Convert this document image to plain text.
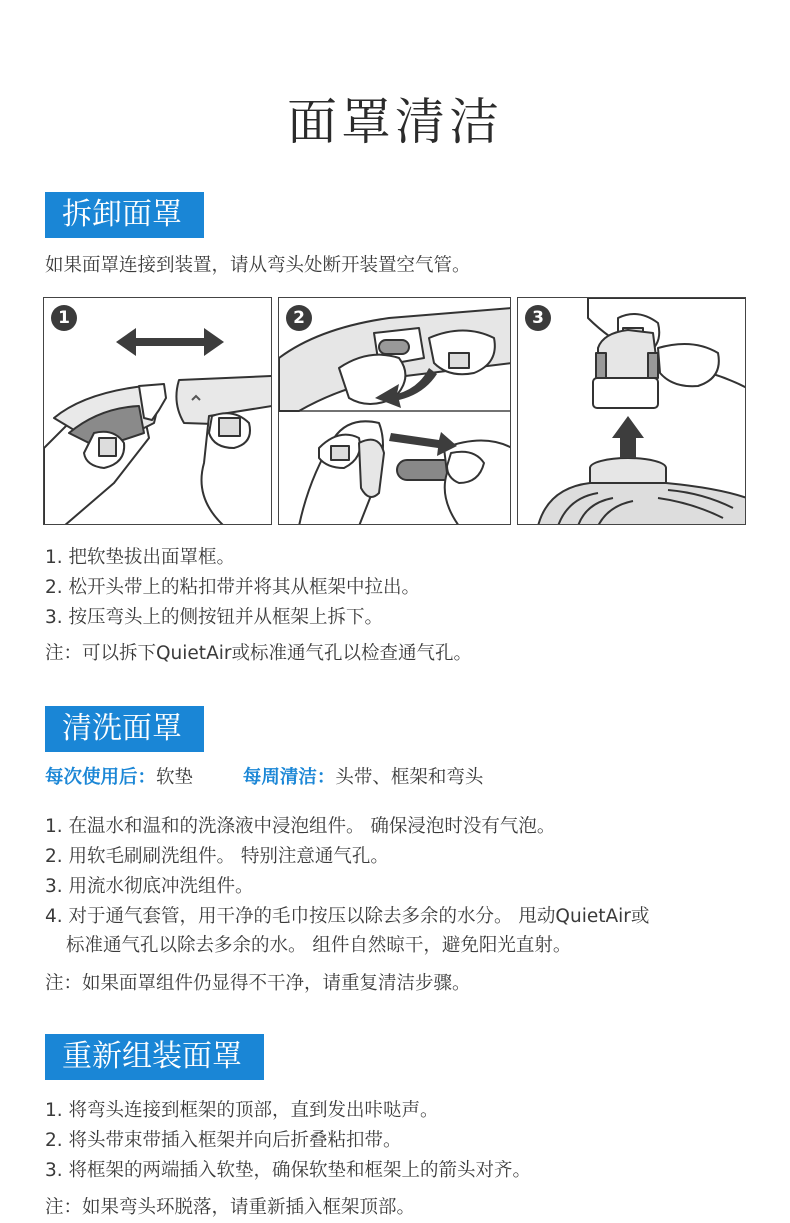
面罩清洁
拆卸面罩
如果面罩连接到装置，请从弯头处断开装置空气管。
1	2	3
1. 把软垫拔出面罩框。
2. 松开头带上的粘扣带并将其从框架中拉出。
3. 按压弯头上的侧按钮并从框架上拆下。
注：可以拆下QuietAir或标准通气孔以检查通气孔。
清洗面罩
每次使用后：软垫	每周清洁：头带、框架和弯头
1. 在温水和温和的洗涤液中浸泡组件。 确保浸泡时没有气泡。
2. 用软毛刷刷洗组件。 特别注意通气孔。
3. 用流水彻底冲洗组件。
4. 对于通气套管，用干净的毛巾按压以除去多余的水分。 甩动QuietAir或
标准通气孔以除去多余的水。 组件自然晾干，避免阳光直射。
注：如果面罩组件仍显得不干净，请重复清洁步骤。
重新组装面罩
1. 将弯头连接到框架的顶部，直到发出咔哒声。
2. 将头带束带插入框架并向后折叠粘扣带。
3. 将框架的两端插入软垫，确保软垫和框架上的箭头对齐。
注：如果弯头环脱落，请重新插入框架顶部。
